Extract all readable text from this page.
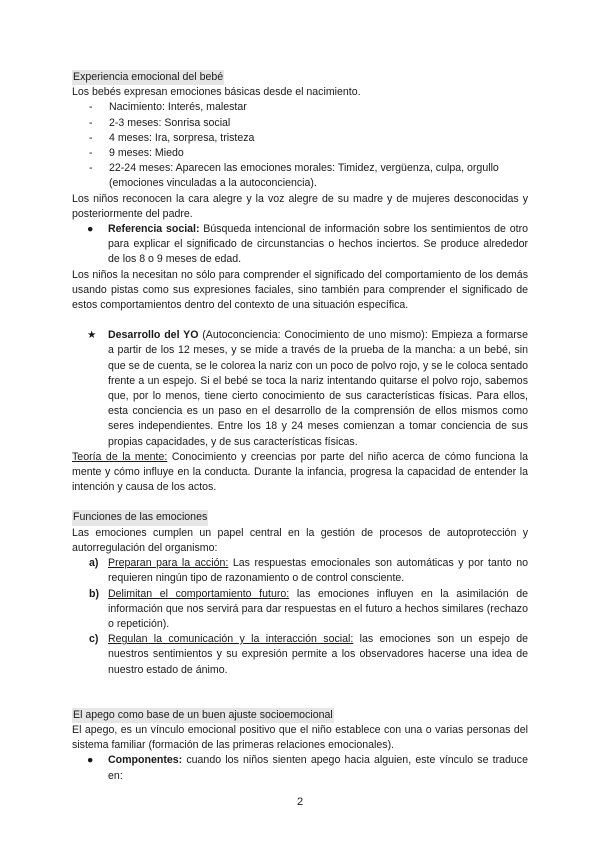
Experiencia emocional del bebé

Los bebés expresan emociones básicas desde el nacimiento.

- Nacimiento: Interés, malestar
- 2-3 meses: Sonrisa social
- 4 meses: Ira, sorpresa, tristeza
- 9 meses: Miedo
- 22-24 meses: Aparecen las emociones morales: Timidez, vergüenza, culpa, orgullo (emociones vinculadas a la autoconciencia).

Los niños reconocen la cara alegre y la voz alegre de su madre y de mujeres desconocidas y posteriormente del padre.

● Referencia social: Búsqueda intencional de información sobre los sentimientos de otro para explicar el significado de circunstancias o hechos inciertos. Se produce alrededor de los 8 o 9 meses de edad.

Los niños la necesitan no sólo para comprender el significado del comportamiento de los demás usando pistas como sus expresiones faciales, sino también para comprender el significado de estos comportamientos dentro del contexto de una situación específica.

★ Desarrollo del YO (Autoconciencia: Conocimiento de uno mismo): Empieza a formarse a partir de los 12 meses, y se mide a través de la prueba de la mancha: a un bebé, sin que se de cuenta, se le colorea la nariz con un poco de polvo rojo, y se le coloca sentado frente a un espejo. Si el bebé se toca la nariz intentando quitarse el polvo rojo, sabemos que, por lo menos, tiene cierto conocimiento de sus características físicas. Para ellos, esta conciencia es un paso en el desarrollo de la comprensión de ellos mismos como seres independientes. Entre los 18 y 24 meses comienzan a tomar conciencia de sus propias capacidades, y de sus características físicas.

Teoría de la mente: Conocimiento y creencias por parte del niño acerca de cómo funciona la mente y cómo influye en la conducta. Durante la infancia, progresa la capacidad de entender la intención y causa de los actos.

Funciones de las emociones

Las emociones cumplen un papel central en la gestión de procesos de autoprotección y autorregulación del organismo:

a) Preparan para la acción: Las respuestas emocionales son automáticas y por tanto no requieren ningún tipo de razonamiento o de control consciente.
b) Delimitan el comportamiento futuro: las emociones influyen en la asimilación de información que nos servirá para dar respuestas en el futuro a hechos similares (rechazo o repetición).
c) Regulan la comunicación y la interacción social: las emociones son un espejo de nuestros sentimientos y su expresión permite a los observadores hacerse una idea de nuestro estado de ánimo.
El apego como base de un buen ajuste socioemocional

El apego, es un vínculo emocional positivo que el niño establece con una o varias personas del sistema familiar (formación de las primeras relaciones emocionales).

● Componentes: cuando los niños sienten apego hacia alguien, este vínculo se traduce en:
2
